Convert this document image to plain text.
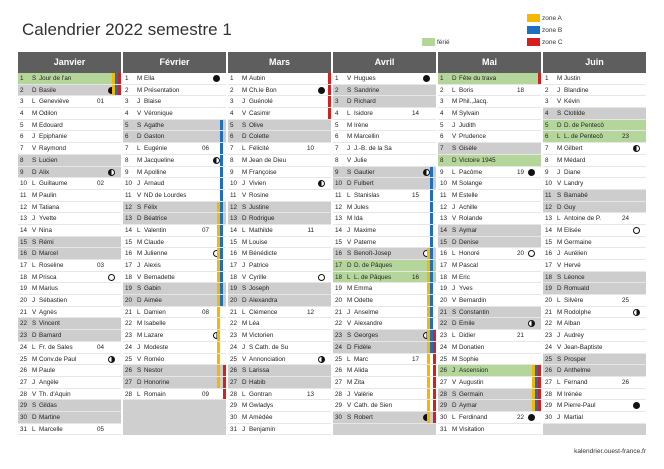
Calendrier 2022 semestre 1
zone A
zone B
zone C
férié
Janvier
1	S Jour de l'an
2	D Basile
3	L Geneviève	01
4	M Odilon
5	M Edouard
6	J Epiphanie
7	V Raymond
8	S Lucien
9	D Alix
10 L Guillaume	02
11 M Paulin
12 M Tatiana
13 J Yvette
14 V Nina
15 S Rémi
16 D Marcel
17 L Roseline	03
18 M Prisca
19 M Marius
20 J Sébastien
21 V Agnès
22 S Vincent
23 D Barnard
24 L Fr. de Sales	04
25 M Conv.de Paul
26 M Paule
27 J Angèle
28 V Th. d'Aquin
29 S Gildas
30 D Martine
31 L Marcelle	05
Février
1	M Ella
2	M Présentation
3	J Blaise
4	V Véronique
5	S Agathe
6	D Gaston
7	L Eugénie	06
8	M Jacqueline
9	M Apolline
10 J Arnaud
11 V ND de Lourdes
12 S Félix
13 D Béatrice
14 L Valentin	07
15 M Claude
16 M Julienne
17 J Alexis
18 V Bernadette
19 S Gabin
20 D Aimée
21 L Damien	08
22 M Isabelle
23 M Lazare
24 J Modeste
25 V Roméo
26 S Nestor
27 D Honorine
28 L Romain	09
Mars
1	M Aubin
2	M Ch.le Bon
3	J Guénolé
4	V Casimir
5	S Olive
6	D Colette
7	L Félicité	10
8	M Jean de Dieu
9	M Françoise
10 J Vivien
11 V Rosine
12 S Justine
13 D Rodrigue
14 L Mathilde	11
15 M Louise
16 M Bénédicte
17 J Patrice
18 V Cyrille
19 S Joseph
20 D Alexandra
21 L Clémence	12
22 M Léa
23 M Victorien
24 J S Cath. de Su
25 V Annonciation
26 S Larissa
27 D Habib
28 L Gontran	13
29 M Gwladys
30 M Amédée
31 J Benjamin
Avril
1	V Hugues
2	S Sandrine
3	D Richard
4	L Isidore	14
5	M Irène
6	M Marcellin
7	J J.-B. de la Sa
8	V Julie
9	S Gautier
10 D Fulbert
11 L Stanislas	15
12 M Jules
13 M Ida
14 J Maxime
15 V Paterne
16 S Benoît-Josep
17 D D. de Pâques
18 L L. de Pâques	16
19 M Emma
20 M Odette
21 J Anselme
22 V Alexandre
23 S Georges
24 D Fidèle
25 L Marc	17
26 M Alida
27 M Zita
28 J Valérie
29 V Cath. de Sien
30 S Robert
Mai
1	D Fête du trava
2	L Boris	18
3	M Phil.,Jacq.
4	M Sylvain
5	J Judith
6	V Prudence
7	S Gisèle
8	D Victoire 1945
9	L Pacôme	19
10 M Solange
11 M Estelle
12 J Achille
13 V Rolande
14 S Aymar
15 D Denise
16 L Honoré	20
17 M Pascal
18 M Eric
19 J Yves
20 V Bernardin
21 S Constantin
22 D Emile
23 L Didier	21
24 M Donatien
25 M Sophie
26 J Ascension
27 V Augustin
28 S Germain
29 D Aymar
30 L Ferdinand	22
31 M Visitation
Juin
1	M Justin
2	J Blandine
3	V Kévin
4	S Clotilde
5	D D. de Pentecô
6	L L. de Pentecô	23
7	M Gilbert
8	M Médard
9	J Diane
10 V Landry
11 S Barnabé
12 D Guy
13 L Antoine de P.	24
14 M Elisée
15 M Germaine
16 J Aurélien
17 V Hervé
18 S Léonce
19 D Romuald
20 L Silvère	25
21 M Rodolphe
22 M Alban
23 J Audrey
24 V Jean-Baptiste
25 S Prosper
26 D Anthelme
27 L Fernand	26
28 M Irénée
29 M Pierre-Paul
30 J Martial
kalendrier.ouest-france.fr
